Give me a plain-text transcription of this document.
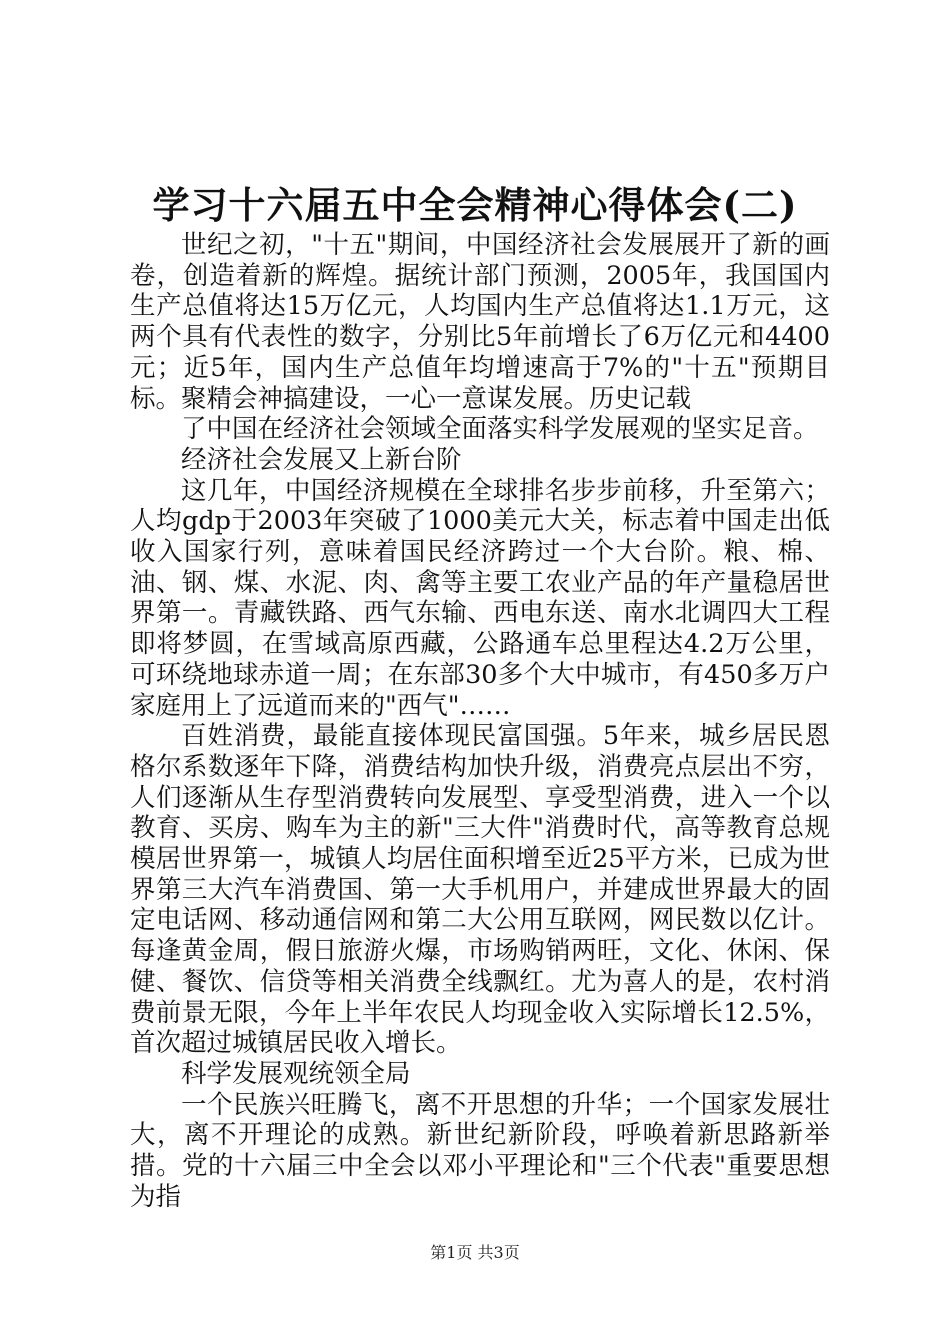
学习十六届五中全会精神心得体会(二)

世纪之初，"十五"期间，中国经济社会发展展开了新的画卷，创造着新的辉煌。据统计部门预测，2005年，我国国内生产总值将达15万亿元，人均国内生产总值将达1.1万元，这两个具有代表性的数字，分别比5年前增长了6万亿元和4400元；近5年，国内生产总值年均增速高于7%的"十五"预期目标。聚精会神搞建设，一心一意谋发展。历史记载

了中国在经济社会领域全面落实科学发展观的坚实足音。

经济社会发展又上新台阶

这几年，中国经济规模在全球排名步步前移，升至第六；人均gdp于2003年突破了1000美元大关，标志着中国走出低收入国家行列，意味着国民经济跨过一个大台阶。粮、棉、油、钢、煤、水泥、肉、禽等主要工农业产品的年产量稳居世界第一。青藏铁路、西气东输、西电东送、南水北调四大工程即将梦圆，在雪域高原西藏，公路通车总里程达4.2万公里，可环绕地球赤道一周；在东部30多个大中城市，有450多万户家庭用上了远道而来的"西气"……

百姓消费，最能直接体现民富国强。5年来，城乡居民恩格尔系数逐年下降，消费结构加快升级，消费亮点层出不穷，人们逐渐从生存型消费转向发展型、享受型消费，进入一个以教育、买房、购车为主的新"三大件"消费时代，高等教育总规模居世界第一，城镇人均居住面积增至近25平方米，已成为世界第三大汽车消费国、第一大手机用户，并建成世界最大的固定电话网、移动通信网和第二大公用互联网，网民数以亿计。每逢黄金周，假日旅游火爆，市场购销两旺，文化、休闲、保健、餐饮、信贷等相关消费全线飘红。尤为喜人的是，农村消费前景无限，今年上半年农民人均现金收入实际增长12.5%，首次超过城镇居民收入增长。

科学发展观统领全局

一个民族兴旺腾飞，离不开思想的升华；一个国家发展壮大，离不开理论的成熟。新世纪新阶段，呼唤着新思路新举措。党的十六届三中全会以邓小平理论和"三个代表"重要思想为指

第1页 共3页
